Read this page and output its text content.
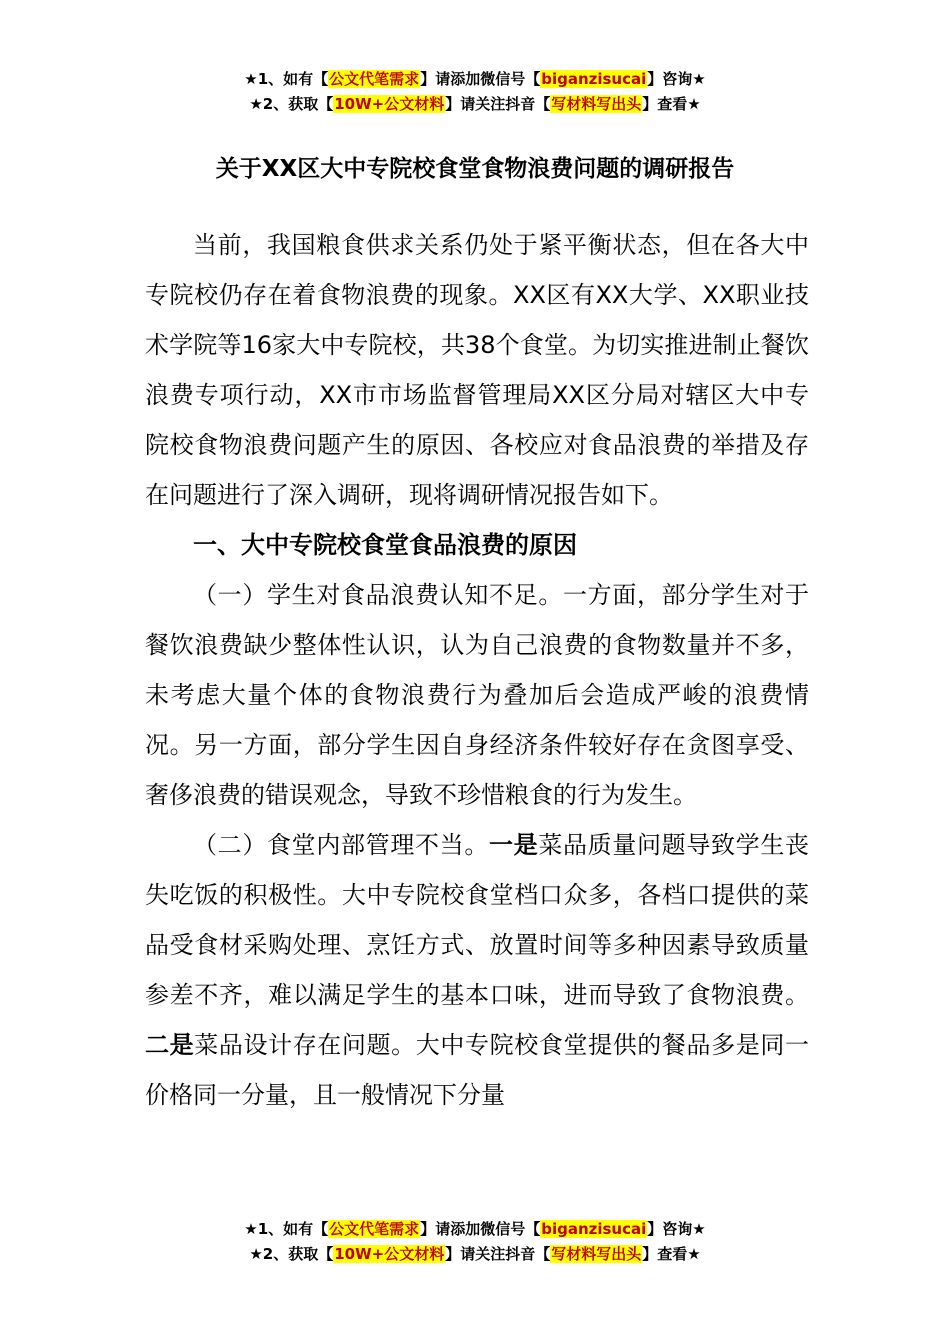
★1、如有【公文代笔需求】请添加微信号【biganzisucai】咨询★
★2、获取【10W+公文材料】请关注抖音【写材料写出头】查看★
关于XX区大中专院校食堂食物浪费问题的调研报告

当前，我国粮食供求关系仍处于紧平衡状态，但在各大中专院校仍存在着食物浪费的现象。XX区有XX大学、XX职业技术学院等16家大中专院校，共38个食堂。为切实推进制止餐饮浪费专项行动，XX市市场监督管理局XX区分局对辖区大中专院校食物浪费问题产生的原因、各校应对食品浪费的举措及存在问题进行了深入调研，现将调研情况报告如下。

一、大中专院校食堂食品浪费的原因

（一）学生对食品浪费认知不足。一方面，部分学生对于餐饮浪费缺少整体性认识，认为自己浪费的食物数量并不多，未考虑大量个体的食物浪费行为叠加后会造成严峻的浪费情况。另一方面，部分学生因自身经济条件较好存在贪图享受、奢侈浪费的错误观念，导致不珍惜粮食的行为发生。

（二）食堂内部管理不当。一是菜品质量问题导致学生丧失吃饭的积极性。大中专院校食堂档口众多，各档口提供的菜品受食材采购处理、烹饪方式、放置时间等多种因素导致质量参差不齐，难以满足学生的基本口味，进而导致了食物浪费。二是菜品设计存在问题。大中专院校食堂提供的餐品多是同一价格同一分量，且一般情况下分量

★1、如有【公文代笔需求】请添加微信号【biganzisucai】咨询★
★2、获取【10W+公文材料】请关注抖音【写材料写出头】查看★
